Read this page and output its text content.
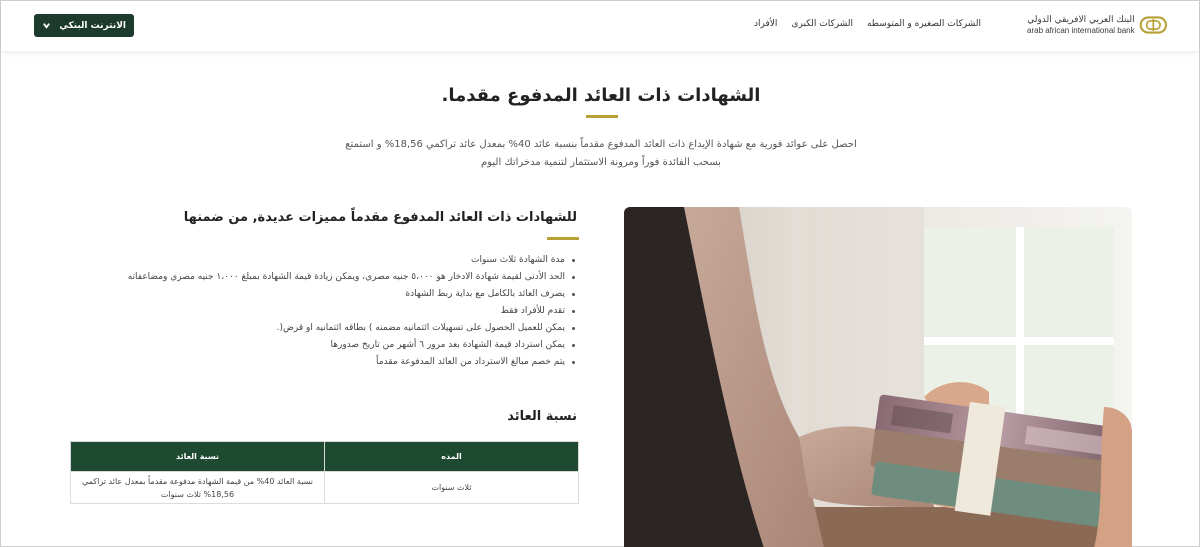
البنك العربي الافريقي الدولي
arab african international bank
الأفراد الشركات الكبرى الشركات الصغيره و المتوسطه
الانترنت البنكي
الشهادات ذات العائد المدفوع مقدما.

احصل على عوائد فورية مع شهادة الإيداع ذات العائد المدفوع مقدماً بنسبة عائد 40% بمعدل عائد تراكمي 18,56% و استمتع بسحب الفائدة فوراً ومرونة الاستثمار لتنمية مدخراتك اليوم

للشهادات ذات العائد المدفوع مقدماً مميزات عديدة, من ضمنها
مدة الشهادة ثلاث سنوات
الحد الأدنى لقيمة شهادة الادخار هو ٥،٠٠٠ جنيه مصري، ويمكن زيادة قيمة الشهادة بمبلغ ١،٠٠٠ جنيه مصري ومضاعفاته
يصرف العائد بالكامل مع بداية ربط الشهادة
تقدم للأفراد فقط
يمكن للعميل الحصول على تسهيلات ائتمانيه مضمنه ) بطاقه ائتمانيه او قرض(.
يمكن استرداد قيمة الشهادة بعد مرور ٦ أشهر من تاريخ صدورها
يتم خصم مبالغ الاسترداد من العائد المدفوعة مقدماً
نسبة العائد
المده	نسبة العائد
ثلاث سنوات	نسبة العائد 40% من قيمة الشهادة مدفوعة مقدماً بمعدل عائد تراكمي 18,56% ثلاث سنوات
